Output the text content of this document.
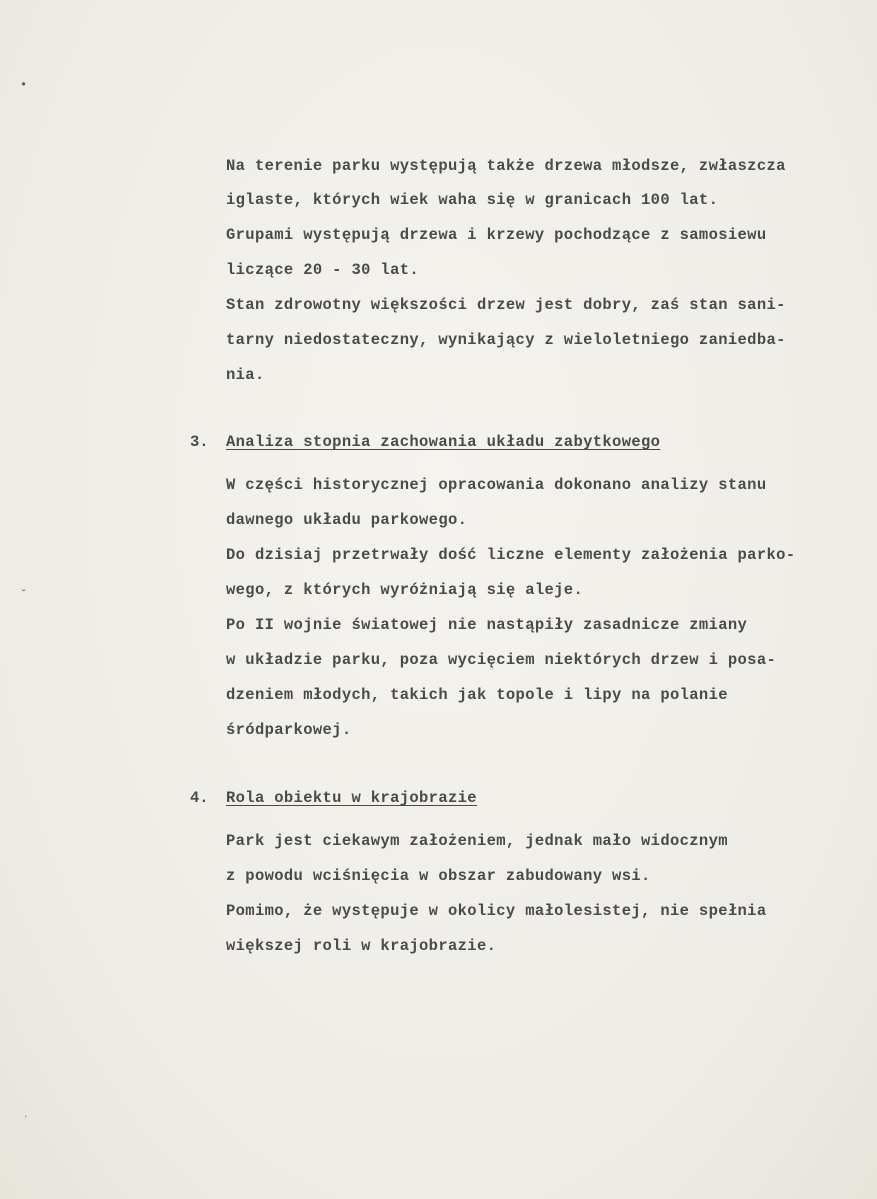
•
ˇ
˒
Na terenie parku występują także drzewa młodsze, zwłaszcza
iglaste, których wiek waha się w granicach 100 lat.
Grupami występują drzewa i krzewy pochodzące z samosiewu
liczące 20 - 30 lat.
Stan zdrowotny większości drzew jest dobry, zaś stan sani-
tarny niedostateczny, wynikający z wieloletniego zaniedba-
nia.
3. Analiza stopnia zachowania układu zabytkowego
W części historycznej opracowania dokonano analizy stanu
dawnego układu parkowego.
Do dzisiaj przetrwały dość liczne elementy założenia parko-
wego, z których wyróżniają się aleje.
Po II wojnie światowej nie nastąpiły zasadnicze zmiany
w układzie parku, poza wycięciem niektórych drzew i posa-
dzeniem młodych, takich jak topole i lipy na polanie
śródparkowej.
4. Rola obiektu w krajobrazie
Park jest ciekawym założeniem, jednak mało widocznym
z powodu wciśnięcia w obszar zabudowany wsi.
Pomimo, że występuje w okolicy małolesistej, nie spełnia
większej roli w krajobrazie.
